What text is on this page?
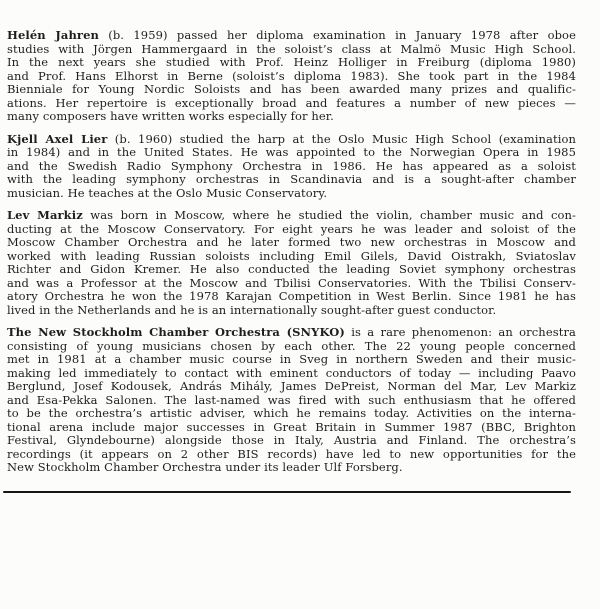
Helén Jahren (b. 1959) passed her diploma examination in January 1978 after oboe
studies with Jörgen Hammergaard in the soloist’s class at Malmö Music High School.
In the next years she studied with Prof. Heinz Holliger in Freiburg (diploma 1980)
and Prof. Hans Elhorst in Berne (soloist’s diploma 1983). She took part in the 1984
Bienniale for Young Nordic Soloists and has been awarded many prizes and qualific-
ations. Her repertoire is exceptionally broad and features a number of new pieces —
many composers have written works especially for her.
Kjell Axel Lier (b. 1960) studied the harp at the Oslo Music High School (examination
in 1984) and in the United States. He was appointed to the Norwegian Opera in 1985
and the Swedish Radio Symphony Orchestra in 1986. He has appeared as a soloist
with the leading symphony orchestras in Scandinavia and is a sought-after chamber
musician. He teaches at the Oslo Music Conservatory.
Lev Markiz was born in Moscow, where he studied the violin, chamber music and con-
ducting at the Moscow Conservatory. For eight years he was leader and soloist of the
Moscow Chamber Orchestra and he later formed two new orchestras in Moscow and
worked with leading Russian soloists including Emil Gilels, David Oistrakh, Sviatoslav
Richter and Gidon Kremer. He also conducted the leading Soviet symphony orchestras
and was a Professor at the Moscow and Tbilisi Conservatories. With the Tbilisi Conserv-
atory Orchestra he won the 1978 Karajan Competition in West Berlin. Since 1981 he has
lived in the Netherlands and he is an internationally sought-after guest conductor.
The New Stockholm Chamber Orchestra (SNYKO) is a rare phenomenon: an orchestra
consisting of young musicians chosen by each other. The 22 young people concerned
met in 1981 at a chamber music course in Sveg in northern Sweden and their music-
making led immediately to contact with eminent conductors of today — including Paavo
Berglund, Josef Kodousek, András Mihály, James DePreist, Norman del Mar, Lev Markiz
and Esa-Pekka Salonen. The last-named was fired with such enthusiasm that he offered
to be the orchestra’s artistic adviser, which he remains today. Activities on the interna-
tional arena include major successes in Great Britain in Summer 1987 (BBC, Brighton
Festival, Glyndebourne) alongside those in Italy, Austria and Finland. The orchestra’s
recordings (it appears on 2 other BIS records) have led to new opportunities for the
New Stockholm Chamber Orchestra under its leader Ulf Forsberg.
